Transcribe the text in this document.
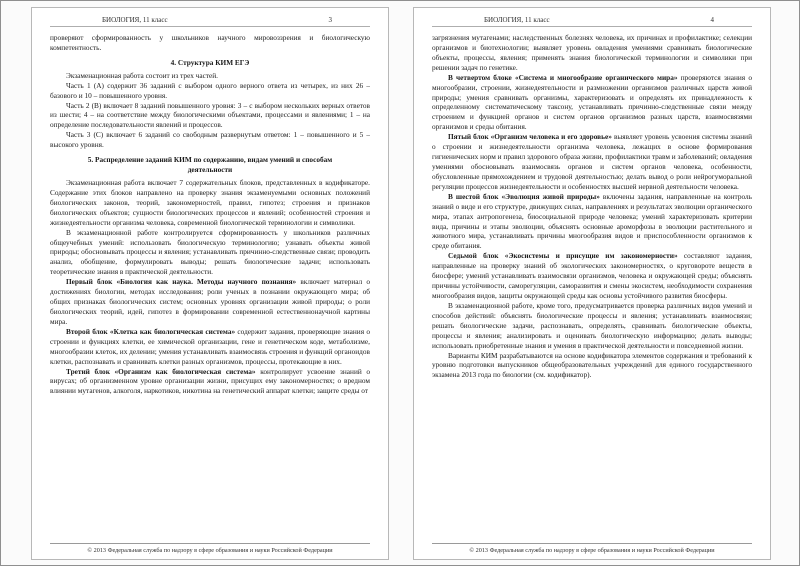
БИОЛОГИЯ, 11 класс	3

проверяют сформированность у школьников научного мировоззрения и биологическую компетентность.

4. Структура КИМ ЕГЭ

Экзаменационная работа состоит из трех частей.

Часть 1 (А) содержит 36 заданий с выбором одного верного ответа из четырех, из них 26 – базового и 10 – повышенного уровня.

Часть 2 (В) включает 8 заданий повышенного уровня: 3 – с выбором нескольких верных ответов из шести; 4 – на соответствие между биологическими объектами, процессами и явлениями; 1 – на определение последовательности явлений и процессов.

Часть 3 (С) включает 6 заданий со свободным развернутым ответом: 1 – повышенного и 5 – высокого уровня.

5. Распределение заданий КИМ по содержанию, видам умений и способам деятельности

Экзаменационная работа включает 7 содержательных блоков, представленных в кодификаторе. Содержание этих блоков направлено на проверку знания экзаменуемыми основных положений биологических законов, теорий, закономерностей, правил, гипотез; строения и признаков биологических объектов; сущности биологических процессов и явлений; особенностей строения и жизнедеятельности организма человека, современной биологической терминологии и символики.

В экзаменационной работе контролируется сформированность у школьников различных общеучебных умений: использовать биологическую терминологию; узнавать объекты живой природы; обосновывать процессы и явления; устанавливать причинно-следственные связи; проводить анализ, обобщение, формулировать выводы; решать биологические задачи; использовать теоретические знания в практической деятельности.

Первый блок «Биология как наука. Методы научного познания» включает материал о достижениях биологии, методах исследования; роли ученых в познании окружающего мира; об общих признаках биологических систем; основных уровнях организации живой природы; о роли биологических теорий, идей, гипотез в формировании современной естественнонаучной картины мира.

Второй блок «Клетка как биологическая система» содержит задания, проверяющие знания о строении и функциях клетки, ее химической организации, гене и генетическом коде, метаболизме, многообразии клеток, их делении; умения устанавливать взаимосвязь строения и функций органоидов клетки, распознавать и сравнивать клетки разных организмов, процессы, протекающие в них.

Третий блок «Организм как биологическая система» контролирует усвоение знаний о вирусах; об организменном уровне организации жизни, присущих ему закономерностях; о вредном влиянии мутагенов, алкоголя, наркотиков, никотина на генетический аппарат клетки; защите среды от

© 2013 Федеральная служба по надзору в сфере образования и науки Российской Федерации
БИОЛОГИЯ, 11 класс	4

загрязнения мутагенами; наследственных болезнях человека, их причинах и профилактике; селекции организмов и биотехнологии; выявляет уровень овладения умениями сравнивать биологические объекты, процессы, явления; применять знания биологической терминологии и символики при решении задач по генетике.

В четвертом блоке «Система и многообразие органического мира» проверяются знания о многообразии, строении, жизнедеятельности и размножении организмов различных царств живой природы; умения сравнивать организмы, характеризовать и определять их принадлежность к определенному систематическому таксону, устанавливать причинно-следственные связи между строением и функцией органов и систем органов организмов разных царств, взаимосвязями организмов и среды обитания.

Пятый блок «Организм человека и его здоровье» выявляет уровень усвоения системы знаний о строении и жизнедеятельности организма человека, лежащих в основе формирования гигиенических норм и правил здорового образа жизни, профилактики травм и заболеваний; овладения умениями обосновывать взаимосвязь органов и систем органов человека, особенности, обусловленные прямохождением и трудовой деятельностью; делать вывод о роли нейрогуморальной регуляции процессов жизнедеятельности и особенностях высшей нервной деятельности человека.

В шестой блок «Эволюция живой природы» включены задания, направленные на контроль знаний о виде и его структуре, движущих силах, направлениях и результатах эволюции органического мира, этапах антропогенеза, биосоциальной природе человека; умений характеризовать критерии вида, причины и этапы эволюции, объяснять основные ароморфозы в эволюции растительного и животного мира, устанавливать причины многообразия видов и приспособленности организмов к среде обитания.

Седьмой блок «Экосистемы и присущие им закономерности» составляют задания, направленные на проверку знаний об экологических закономерностях, о круговороте веществ в биосфере; умений устанавливать взаимосвязи организмов, человека и окружающей среды; объяснять причины устойчивости, саморегуляции, саморазвития и смены экосистем, необходимости сохранения многообразия видов, защиты окружающей среды как основы устойчивого развития биосферы.

В экзаменационной работе, кроме того, предусматривается проверка различных видов умений и способов действий: объяснять биологические процессы и явления; устанавливать взаимосвязи; решать биологические задачи, распознавать, определять, сравнивать биологические объекты, процессы и явления; анализировать и оценивать биологическую информацию; делать выводы; использовать приобретенные знания и умения в практической деятельности и повседневной жизни.

Варианты КИМ разрабатываются на основе кодификатора элементов содержания и требований к уровню подготовки выпускников общеобразовательных учреждений для единого государственного экзамена 2013 года по биологии (см. кодификатор).

© 2013 Федеральная служба по надзору в сфере образования и науки Российской Федерации
